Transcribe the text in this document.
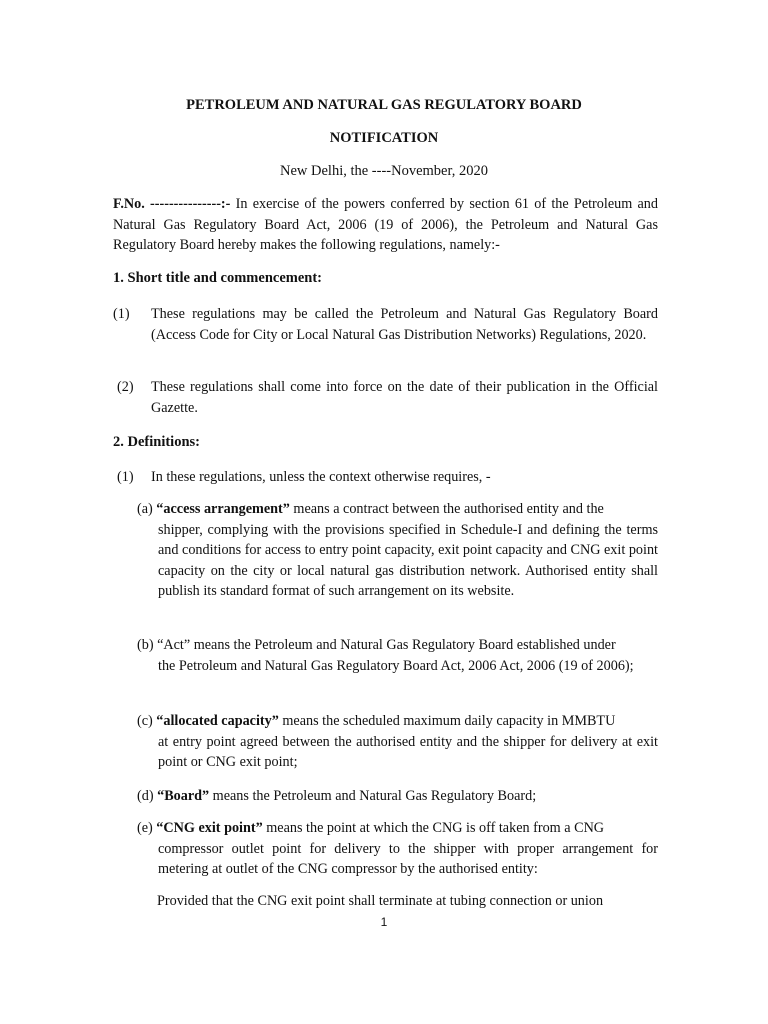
PETROLEUM AND NATURAL GAS REGULATORY BOARD
NOTIFICATION
New Delhi, the ----November, 2020
F.No. ---------------:- In exercise of the powers conferred by section 61 of the Petroleum and Natural Gas Regulatory Board Act, 2006 (19 of 2006), the Petroleum and Natural Gas Regulatory Board hereby makes the following regulations, namely:-
1. Short title and commencement:
(1) These regulations may be called the Petroleum and Natural Gas Regulatory Board (Access Code for City or Local Natural Gas Distribution Networks) Regulations, 2020.
(2) These regulations shall come into force on the date of their publication in the Official Gazette.
2. Definitions:
(1) In these regulations, unless the context otherwise requires, -
(a) “access arrangement” means a contract between the authorised entity and the
shipper, complying with the provisions specified in Schedule-I and defining the terms and conditions for access to entry point capacity, exit point capacity and CNG exit point capacity on the city or local natural gas distribution network. Authorised entity shall publish its standard format of such arrangement on its website.
(b) “Act” means the Petroleum and Natural Gas Regulatory Board established under
the Petroleum and Natural Gas Regulatory Board Act, 2006 Act, 2006 (19 of 2006);
(c) “allocated capacity” means the scheduled maximum daily capacity in MMBTU
at entry point agreed between the authorised entity and the shipper for delivery at exit point or CNG exit point;
(d) “Board” means the Petroleum and Natural Gas Regulatory Board;
(e) “CNG exit point” means the point at which the CNG is off taken from a CNG
compressor outlet point for delivery to the shipper with proper arrangement for metering at outlet of the CNG compressor by the authorised entity:
Provided that the CNG exit point shall terminate at tubing connection or union
1
